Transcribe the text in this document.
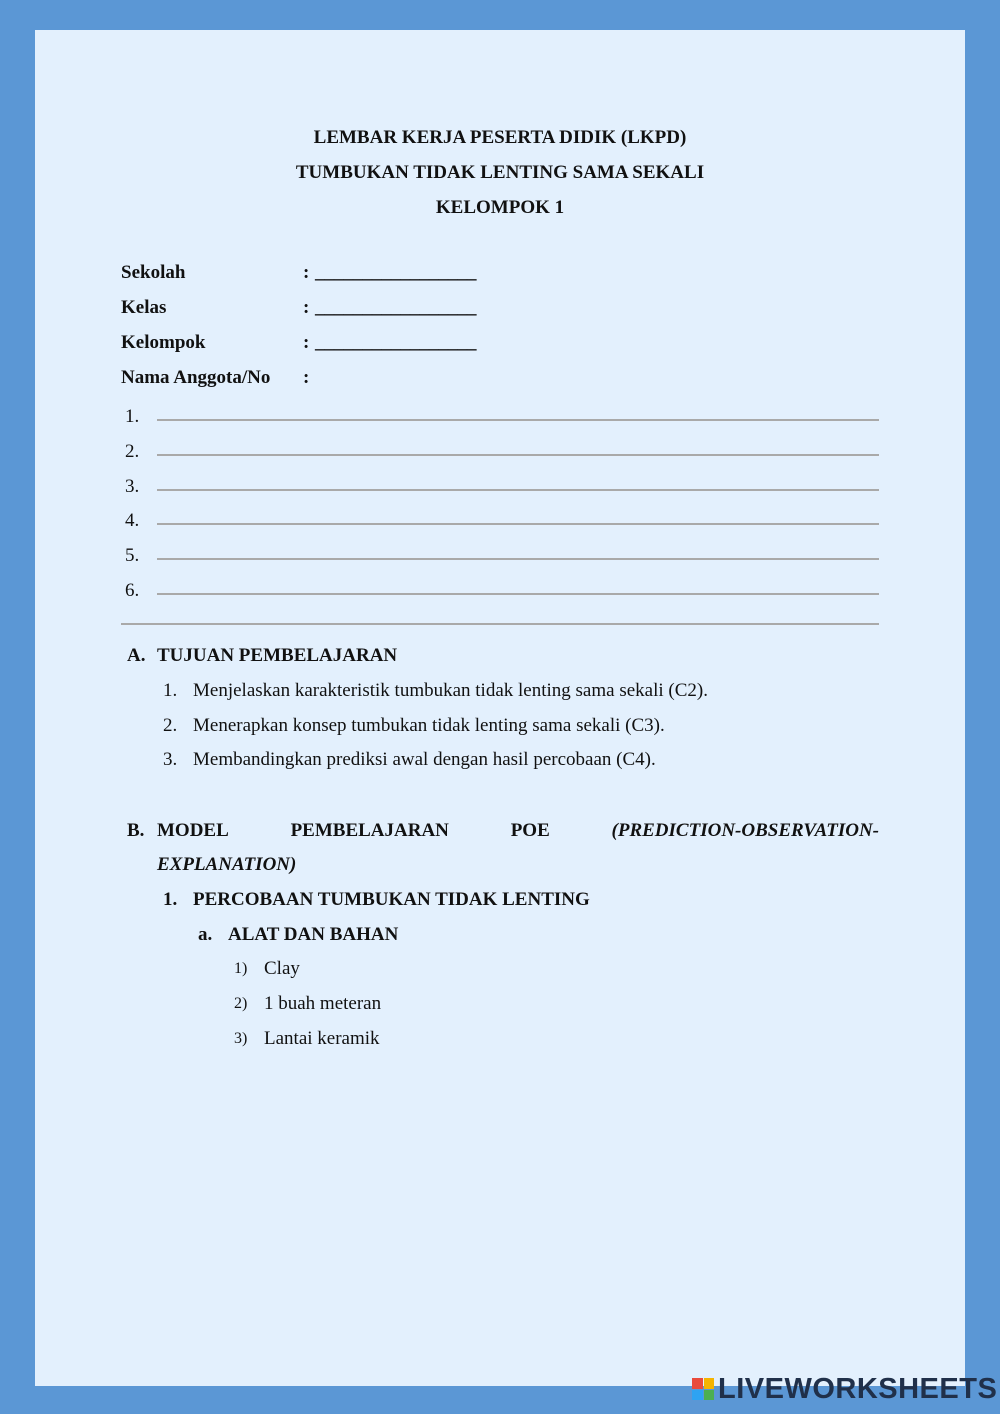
LEMBAR KERJA PESERTA DIDIK (LKPD)
TUMBUKAN TIDAK LENTING SAMA SEKALI
KELOMPOK 1
Sekolah	: _________________
Kelas	: _________________
Kelompok	: _________________
Nama Anggota/No :
1.
2.
3.
4.
5.
6.
A. TUJUAN PEMBELAJARAN
1. Menjelaskan karakteristik tumbukan tidak lenting sama sekali (C2).
2. Menerapkan konsep tumbukan tidak lenting sama sekali (C3).
3. Membandingkan prediksi awal dengan hasil percobaan (C4).
B. MODEL	PEMBELAJARAN	POE	(PREDICTION-OBSERVATION-
EXPLANATION)
1. PERCOBAAN TUMBUKAN TIDAK LENTING
a. ALAT DAN BAHAN
1) Clay
2) 1 buah meteran
3) Lantai keramik
LIVEWORKSHEETS
